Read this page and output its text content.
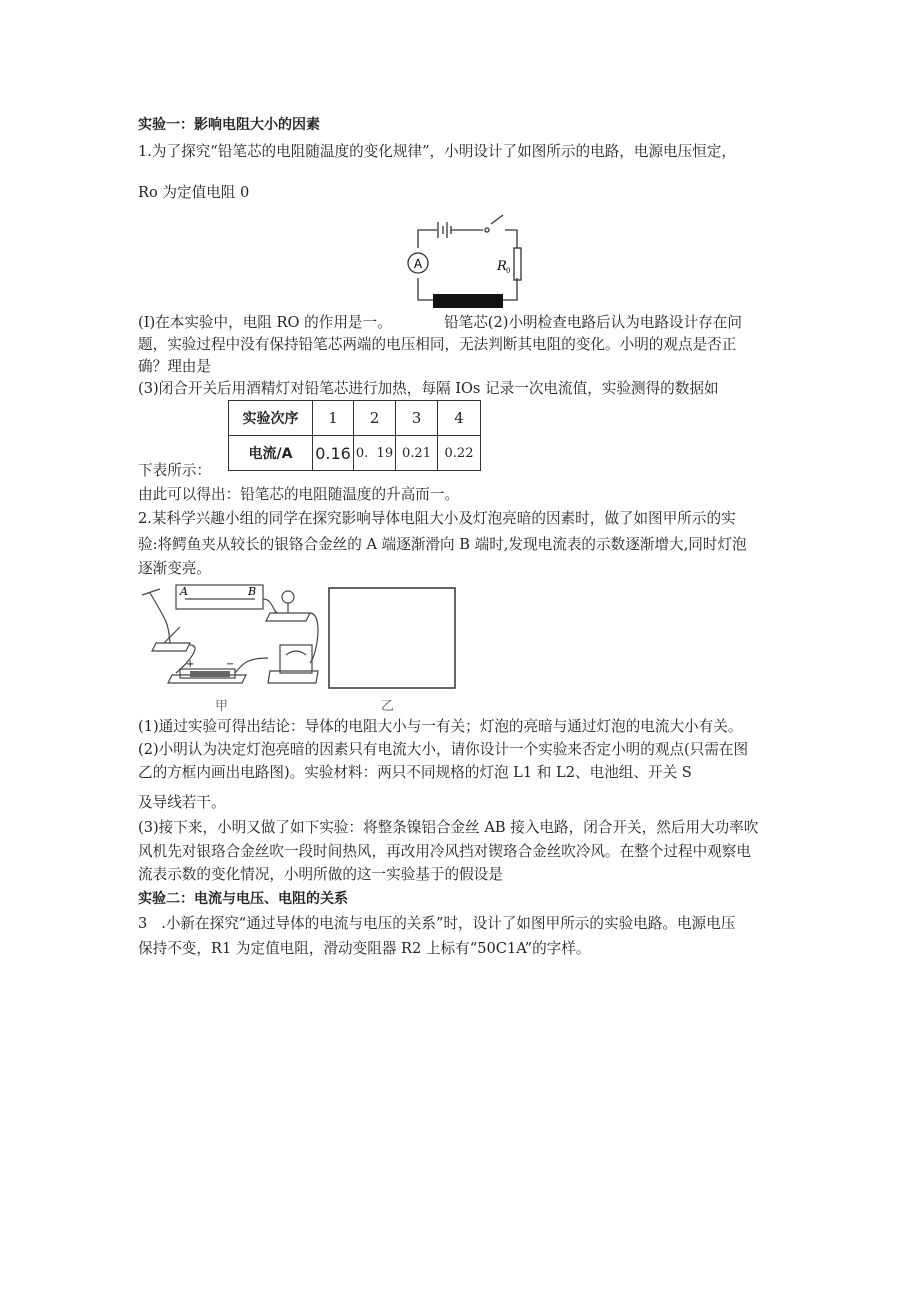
实验一：影响电阻大小的因素
1.为了探究“铅笔芯的电阻随温度的变化规律”，小明设计了如图所示的电路，电源电压恒定，
Ro 为定值电阻 0
A	R 0
(I)在本实验中，电阻 RO 的作用是一。	铅笔芯(2)小明检查电路后认为电路设计存在问
题，实验过程中没有保持铅笔芯两端的电压相同，无法判断其电阻的变化。小明的观点是否正
确？理由是
(3)闭合开关后用酒精灯对铅笔芯进行加热，每隔 IOs 记录一次电流值，实验测得的数据如
实验次序	1	2	3	4
电流/A	0.16	0.  19	0.21	0.22
下表所示：
由此可以得出：铅笔芯的电阻随温度的升高而一。
2.某科学兴趣小组的同学在探究影响导体电阻大小及灯泡亮暗的因素时，做了如图甲所示的实
验:将鳄鱼夹从较长的银铬合金丝的 A 端逐渐滑向 B 端时,发现电流表的示数逐渐增大,同时灯泡
逐渐变亮。
A	B
+	−
甲	乙
(1)通过实验可得出结论：导体的电阻大小与一有关；灯泡的亮暗与通过灯泡的电流大小有关。
(2)小明认为决定灯泡亮暗的因素只有电流大小，请你设计一个实验来否定小明的观点(只需在图
乙的方框内画出电路图)。实验材料：两只不同规格的灯泡 L1 和 L2、电池组、开关 S
及导线若干。
(3)接下来，小明又做了如下实验：将整条镍铝合金丝 AB 接入电路，闭合开关，然后用大功率吹
风机先对银珞合金丝吹一段时间热风，再改用冷风挡对锲珞合金丝吹冷风。在整个过程中观察电
流表示数的变化情况，小明所做的这一实验基于的假设是
实验二：电流与电压、电阻的关系
3   .小新在探究“通过导体的电流与电压的关系”时，设计了如图甲所示的实验电路。电源电压
保持不变，R1 为定值电阻，滑动变阻器 R2 上标有“50C1A”的字样。
